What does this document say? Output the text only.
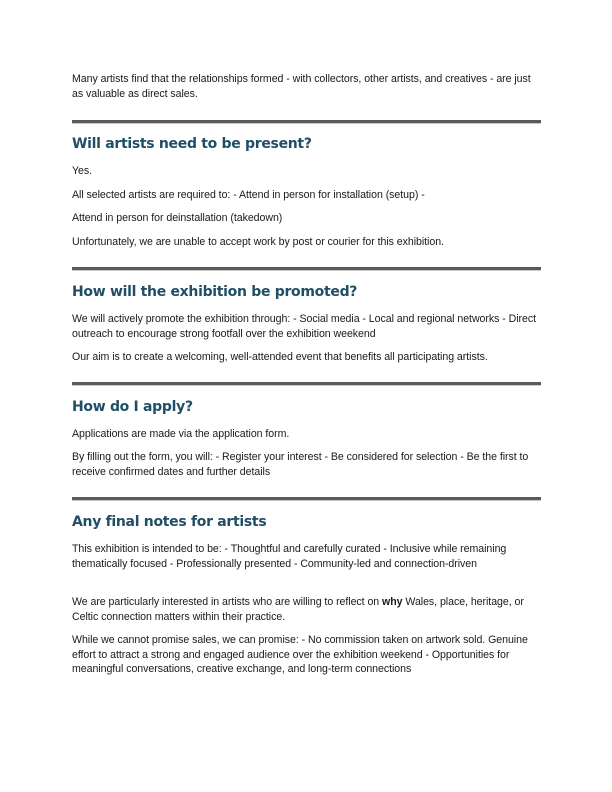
Many artists find that the relationships formed - with collectors, other artists, and creatives - are just as valuable as direct sales.

Will artists need to be present?

Yes.

All selected artists are required to: - Attend in person for installation (setup) -

Attend in person for deinstallation (takedown)

Unfortunately, we are unable to accept work by post or courier for this exhibition.

How will the exhibition be promoted?

We will actively promote the exhibition through: - Social media - Local and regional networks - Direct outreach to encourage strong footfall over the exhibition weekend

Our aim is to create a welcoming, well-attended event that benefits all participating artists.

How do I apply?

Applications are made via the application form.

By filling out the form, you will: - Register your interest - Be considered for selection - Be the first to receive confirmed dates and further details

Any final notes for artists

This exhibition is intended to be: - Thoughtful and carefully curated - Inclusive while remaining thematically focused - Professionally presented - Community-led and connection-driven

We are particularly interested in artists who are willing to reflect on why Wales, place, heritage, or Celtic connection matters within their practice.

While we cannot promise sales, we can promise: - No commission taken on artwork sold. Genuine effort to attract a strong and engaged audience over the exhibition weekend - Opportunities for meaningful conversations, creative exchange, and long-term connections
